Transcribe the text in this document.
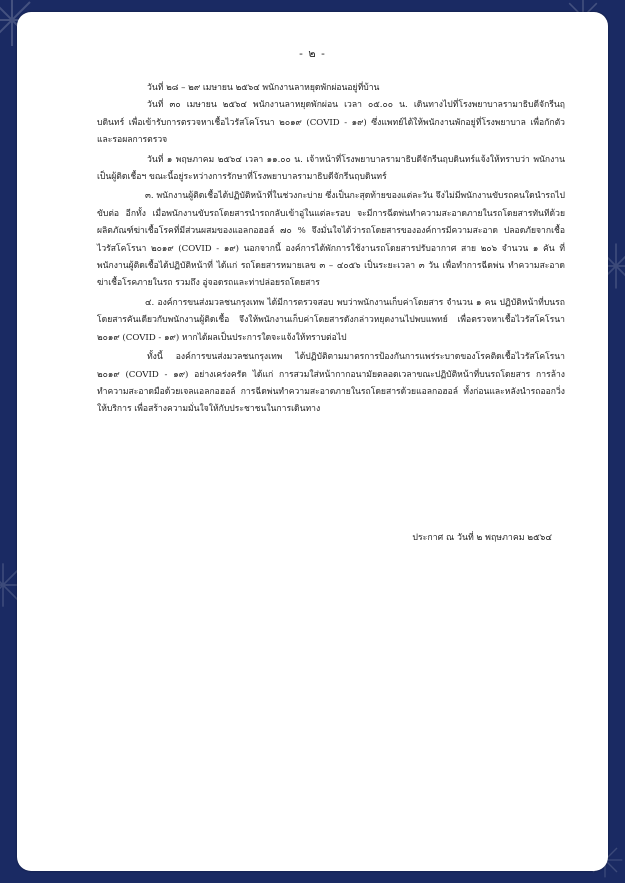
- ๒ -

วันที่ ๒๘ – ๒๙ เมษายน ๒๕๖๔ พนักงานลาหยุดพักผ่อนอยู่ที่บ้าน

วันที่ ๓๐ เมษายน ๒๕๖๔ พนักงานลาหยุดพักผ่อน เวลา ๐๕.๐๐ น. เดินทางไปที่โรงพยาบาลรามาธิบดีจักรีนฤบดินทร์ เพื่อเข้ารับการตรวจหาเชื้อไวรัสโคโรนา ๒๐๑๙ (COVID - ๑๙) ซึ่งแพทย์ได้ให้พนักงานพักอยู่ที่โรงพยาบาล เพื่อกักตัวและรอผลการตรวจ

วันที่ ๑ พฤษภาคม ๒๕๖๔ เวลา ๑๑.๐๐ น. เจ้าหน้าที่โรงพยาบาลรามาธิบดีจักรีนฤบดินทร์แจ้งให้ทราบว่า พนักงานเป็นผู้ติดเชื้อฯ ขณะนี้อยู่ระหว่างการรักษาที่โรงพยาบาลรามาธิบดีจักรีนฤบดินทร์

๓. พนักงานผู้ติดเชื้อได้ปฏิบัติหน้าที่ในช่วงกะบ่าย ซึ่งเป็นกะสุดท้ายของแต่ละวัน จึงไม่มีพนักงานขับรถคนใดนำรถไปขับต่อ อีกทั้ง เมื่อพนักงานขับรถโดยสารนำรถกลับเข้าอู่ในแต่ละรอบ จะมีการฉีดพ่นทำความสะอาดภายในรถโดยสารทันทีด้วยผลิตภัณฑ์ฆ่าเชื้อโรคที่มีส่วนผสมของแอลกอฮอล์ ๗๐ % จึงมั่นใจได้ว่ารถโดยสารขององค์การมีความสะอาด ปลอดภัยจากเชื้อไวรัสโคโรนา ๒๐๑๙ (COVID - ๑๙) นอกจากนี้ องค์การได้พักการใช้งานรถโดยสารปรับอากาศ สาย ๒๐๖ จำนวน ๑ คัน ที่พนักงานผู้ติดเชื้อได้ปฏิบัติหน้าที่ ได้แก่ รถโดยสารหมายเลข ๓ – ๔๐๕๖ เป็นระยะเวลา ๓ วัน เพื่อทำการฉีดพ่น ทำความสะอาดฆ่าเชื้อโรคภายในรถ รวมถึง อู่จอดรถและท่าปล่อยรถโดยสาร

๔. องค์การขนส่งมวลชนกรุงเทพ ได้มีการตรวจสอบ พบว่าพนักงานเก็บค่าโดยสาร จำนวน ๑ คน ปฏิบัติหน้าที่บนรถโดยสารคันเดียวกับพนักงานผู้ติดเชื้อ จึงให้พนักงานเก็บค่าโดยสารดังกล่าวหยุดงานไปพบแพทย์ เพื่อตรวจหาเชื้อไวรัสโคโรนา ๒๐๑๙ (COVID - ๑๙) หากได้ผลเป็นประการใดจะแจ้งให้ทราบต่อไป

ทั้งนี้ องค์การขนส่งมวลชนกรุงเทพ ได้ปฏิบัติตามมาตรการป้องกันการแพร่ระบาดของโรคติดเชื้อไวรัสโคโรนา ๒๐๑๙ (COVID - ๑๙) อย่างเคร่งครัด ได้แก่ การสวมใส่หน้ากากอนามัยตลอดเวลาขณะปฏิบัติหน้าที่บนรถโดยสาร การล้างทำความสะอาดมือด้วยเจลแอลกอฮอล์ การฉีดพ่นทำความสะอาดภายในรถโดยสารด้วยแอลกอฮอล์ ทั้งก่อนและหลังนำรถออกวิ่งให้บริการ เพื่อสร้างความมั่นใจให้กับประชาชนในการเดินทาง

ประกาศ ณ วันที่ ๒ พฤษภาคม ๒๕๖๔
